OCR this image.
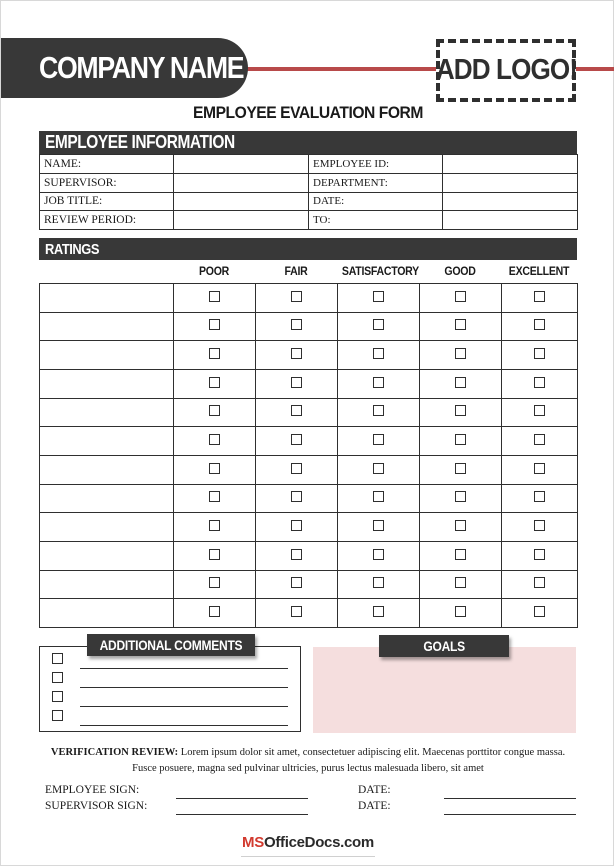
COMPANY NAME	ADD LOGO!
EMPLOYEE EVALUATION FORM
EMPLOYEE INFORMATION
NAME:		EMPLOYEE ID:	
SUPERVISOR:		DEPARTMENT:	
JOB TITLE:		DATE:	
REVIEW PERIOD:		TO:	
RATINGS
POOR	FAIR	SATISFACTORY	GOOD	EXCELLENT

ADDITIONAL COMMENTS	GOALS
VERIFICATION REVIEW: Lorem ipsum dolor sit amet, consectetuer adipiscing elit. Maecenas porttitor congue massa. Fusce posuere, magna sed pulvinar ultricies, purus lectus malesuada libero, sit amet
EMPLOYEE SIGN:	DATE:
SUPERVISOR SIGN:	DATE:
MSOfficeDocs.com
